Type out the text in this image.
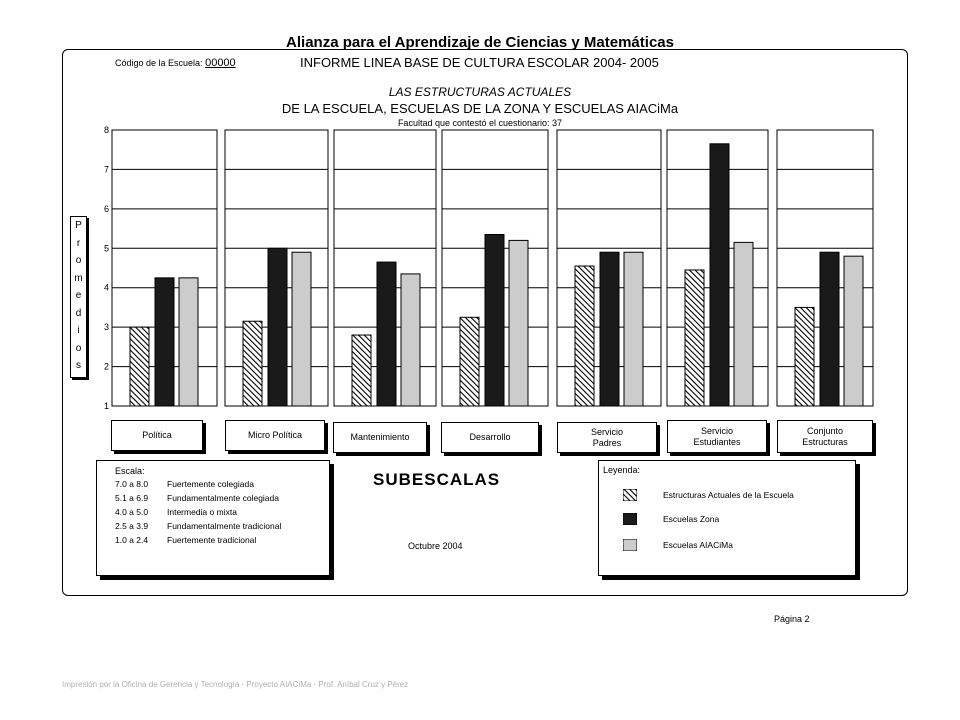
Alianza para el Aprendizaje de Ciencias y Matemáticas
Código de la Escuela: 00000	INFORME LINEA BASE DE CULTURA ESCOLAR 2004- 2005
LAS ESTRUCTURAS ACTUALES
DE LA ESCUELA, ESCUELAS DE LA ZONA Y ESCUELAS AIACiMa
Facultad que contestó el cuestionario: 37
P
r
o
m
e
d
i
o
s
1
2
3
4
5
6
7
8
Política	Micro Política	Mantenimiento	Desarrollo
Servicio
Padres
Servicio
Estudiantes
Conjunto
Estructuras
SUBESCALAS
Octubre 2004
Escala:
7.0 a 8.0 Fuertemente colegiada
5.1 a 6.9 Fundamentalmente colegiada
4.0 a 5.0 Intermedia o mixta
2.5 a 3.9 Fundamentalmente tradicional
1.0 a 2.4 Fuertemente tradicional
Leyenda:
Estructuras Actuales de la Escuela
Escuelas Zona
Escuelas AIACiMa
Página 2
Impresión por la Oficina de Gerencia y Tecnología - Proyecto AIACiMa - Prof. Aníbal Cruz y Pérez
